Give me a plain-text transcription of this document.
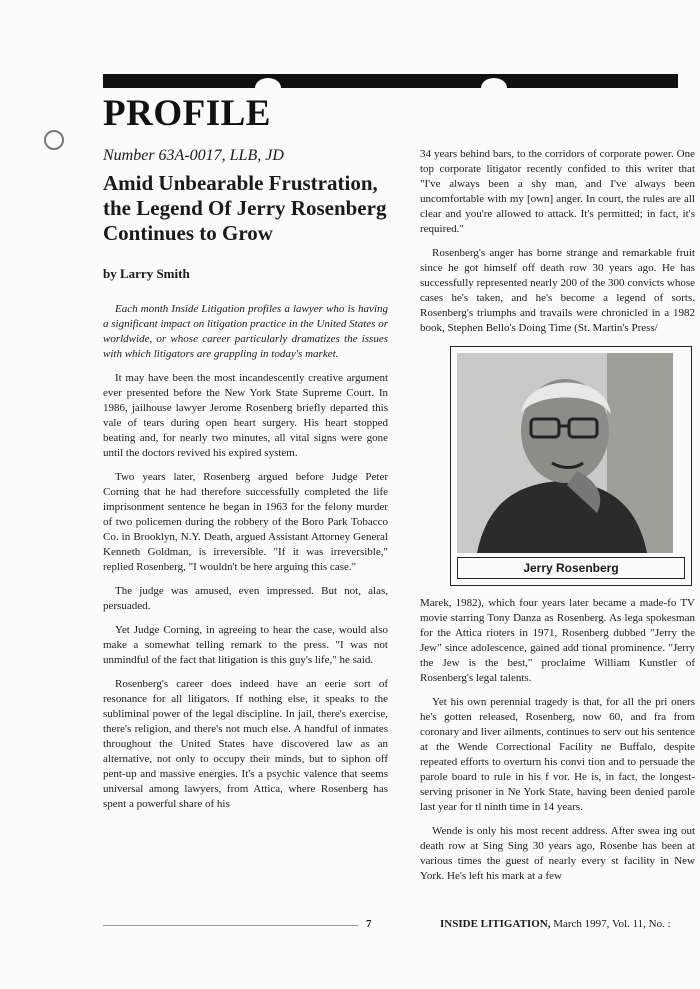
PROFILE

Number 63A-0017, LLB, JD

Amid Unbearable Frustration, the Legend Of Jerry Rosenberg Continues to Grow

by Larry Smith

Each month Inside Litigation profiles a lawyer who is having a significant impact on litigation practice in the United States or worldwide, or whose career particularly dramatizes the issues with which litigators are grappling in today's market.

It may have been the most incandescently creative argument ever presented before the New York State Supreme Court. In 1986, jailhouse lawyer Jerome Rosenberg briefly departed this vale of tears during open heart surgery. His heart stopped beating and, for nearly two minutes, all vital signs were gone until the doctors revived his expired system.

Two years later, Rosenberg argued before Judge Peter Corning that he had therefore successfully completed the life imprisonment sentence he began in 1963 for the felony murder of two policemen during the robbery of the Boro Park Tobacco Co. in Brooklyn, N.Y. Death, argued Assistant Attorney General Kenneth Goldman, is irreversible. "If it was irreversible," replied Rosenberg, "I wouldn't be here arguing this case."

The judge was amused, even impressed. But not, alas, persuaded.

Yet Judge Corning, in agreeing to hear the case, would also make a somewhat telling remark to the press. "I was not unmindful of the fact that litigation is this guy's life," he said.

Rosenberg's career does indeed have an eerie sort of resonance for all litigators. If nothing else, it speaks to the subliminal power of the legal discipline. In jail, there's exercise, there's religion, and there's not much else. A handful of inmates throughout the United States have discovered law as an alternative, not only to occupy their minds, but to siphon off pent-up and massive energies. It's a psychic valence that seems universal among lawyers, from Attica, where Rosenberg has spent a powerful share of his

34 years behind bars, to the corridors of corporate power. One top corporate litigator recently confided to this writer that "I've always been a shy man, and I've always been uncomfortable with my [own] anger. In court, the rules are all clear and you're allowed to attack. It's permitted; in fact, it's required."

Rosenberg's anger has borne strange and remarkable fruit since he got himself off death row 30 years ago. He has successfully represented nearly 200 of the 300 convicts whose cases he's taken, and he's become a legend of sorts. Rosenberg's triumphs and travails were chronicled in a 1982 book, Stephen Bello's Doing Time (St. Martin's Press/

Jerry Rosenberg

Marek, 1982), which four years later became a made-fo TV movie starring Tony Danza as Rosenberg. As lega spokesman for the Attica rioters in 1971, Rosenberg dubbed "Jerry the Jew" since adolescence, gained add tional prominence. "Jerry the Jew is the best," proclaime William Kunstler of Rosenberg's legal talents.

Yet his own perennial tragedy is that, for all the pri oners he's gotten released, Rosenberg, now 60, and fra from coronary and liver ailments, continues to serv out his sentence at the Wende Correctional Facility ne Buffalo, despite repeated efforts to overturn his convi tion and to persuade the parole board to rule in his f vor. He is, in fact, the longest-serving prisoner in Ne York State, having been denied parole last year for tl ninth time in 14 years.

Wende is only his most recent address. After swea ing out death row at Sing Sing 30 years ago, Rosenbe has been at various times the guest of nearly every st facility in New York. He's left his mark at a few

7	INSIDE LITIGATION, March 1997, Vol. 11, No. :
